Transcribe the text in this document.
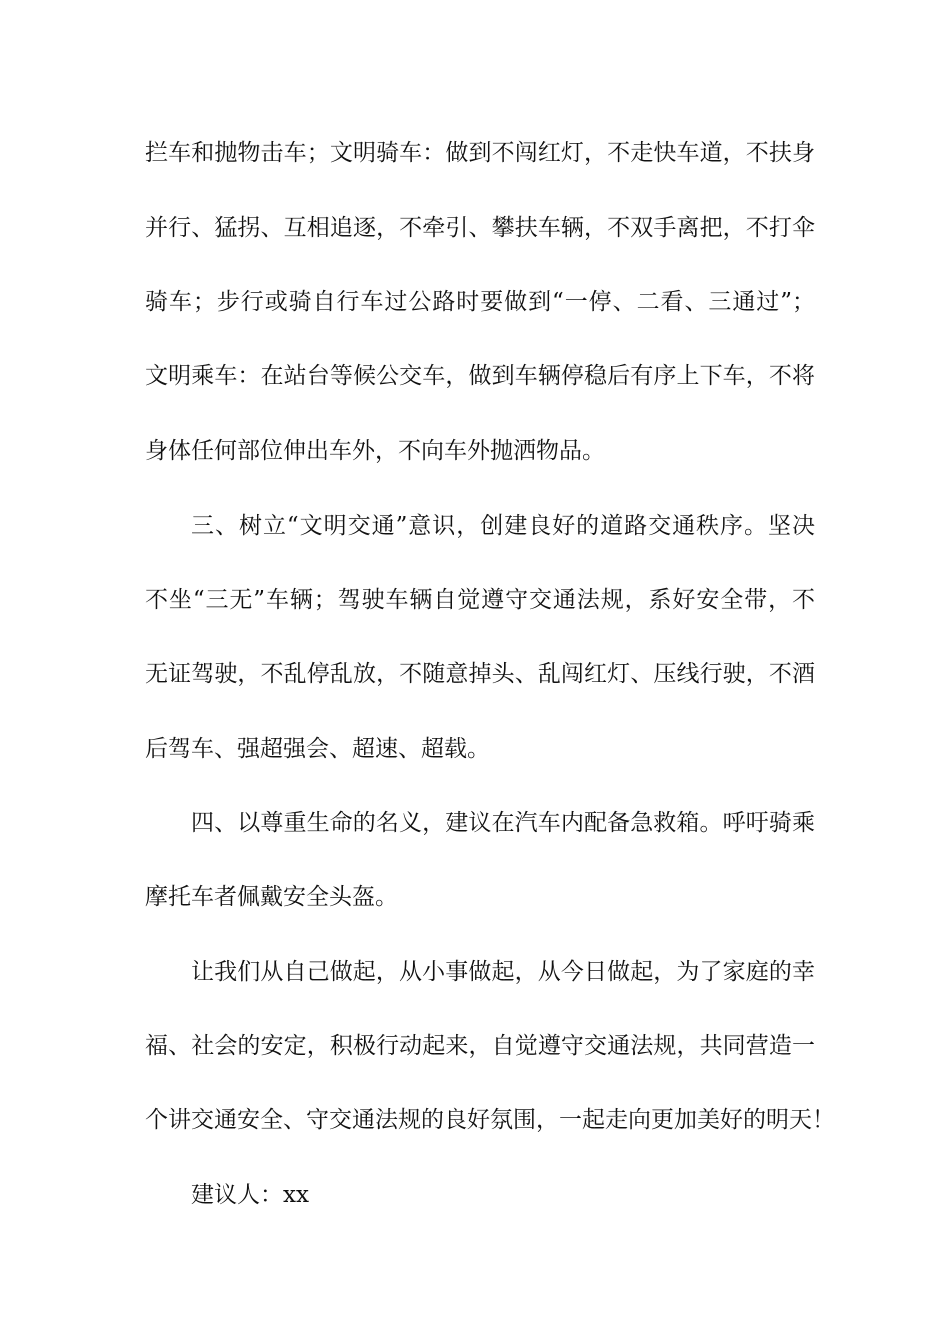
拦车和抛物击车；文明骑车：做到不闯红灯，不走快车道，不扶身
并行、猛拐、互相追逐，不牵引、攀扶车辆，不双手离把，不打伞
骑车；步行或骑自行车过公路时要做到“一停、二看、三通过”；
文明乘车：在站台等候公交车，做到车辆停稳后有序上下车，不将
身体任何部位伸出车外，不向车外抛洒物品。
三、树立“文明交通”意识，创建良好的道路交通秩序。坚决
不坐“三无”车辆；驾驶车辆自觉遵守交通法规，系好安全带，不
无证驾驶，不乱停乱放，不随意掉头、乱闯红灯、压线行驶，不酒
后驾车、强超强会、超速、超载。
四、以尊重生命的名义，建议在汽车内配备急救箱。呼吁骑乘
摩托车者佩戴安全头盔。
让我们从自己做起，从小事做起，从今日做起，为了家庭的幸
福、社会的安定，积极行动起来，自觉遵守交通法规，共同营造一
个讲交通安全、守交通法规的良好氛围，一起走向更加美好的明天！
建议人：xx
